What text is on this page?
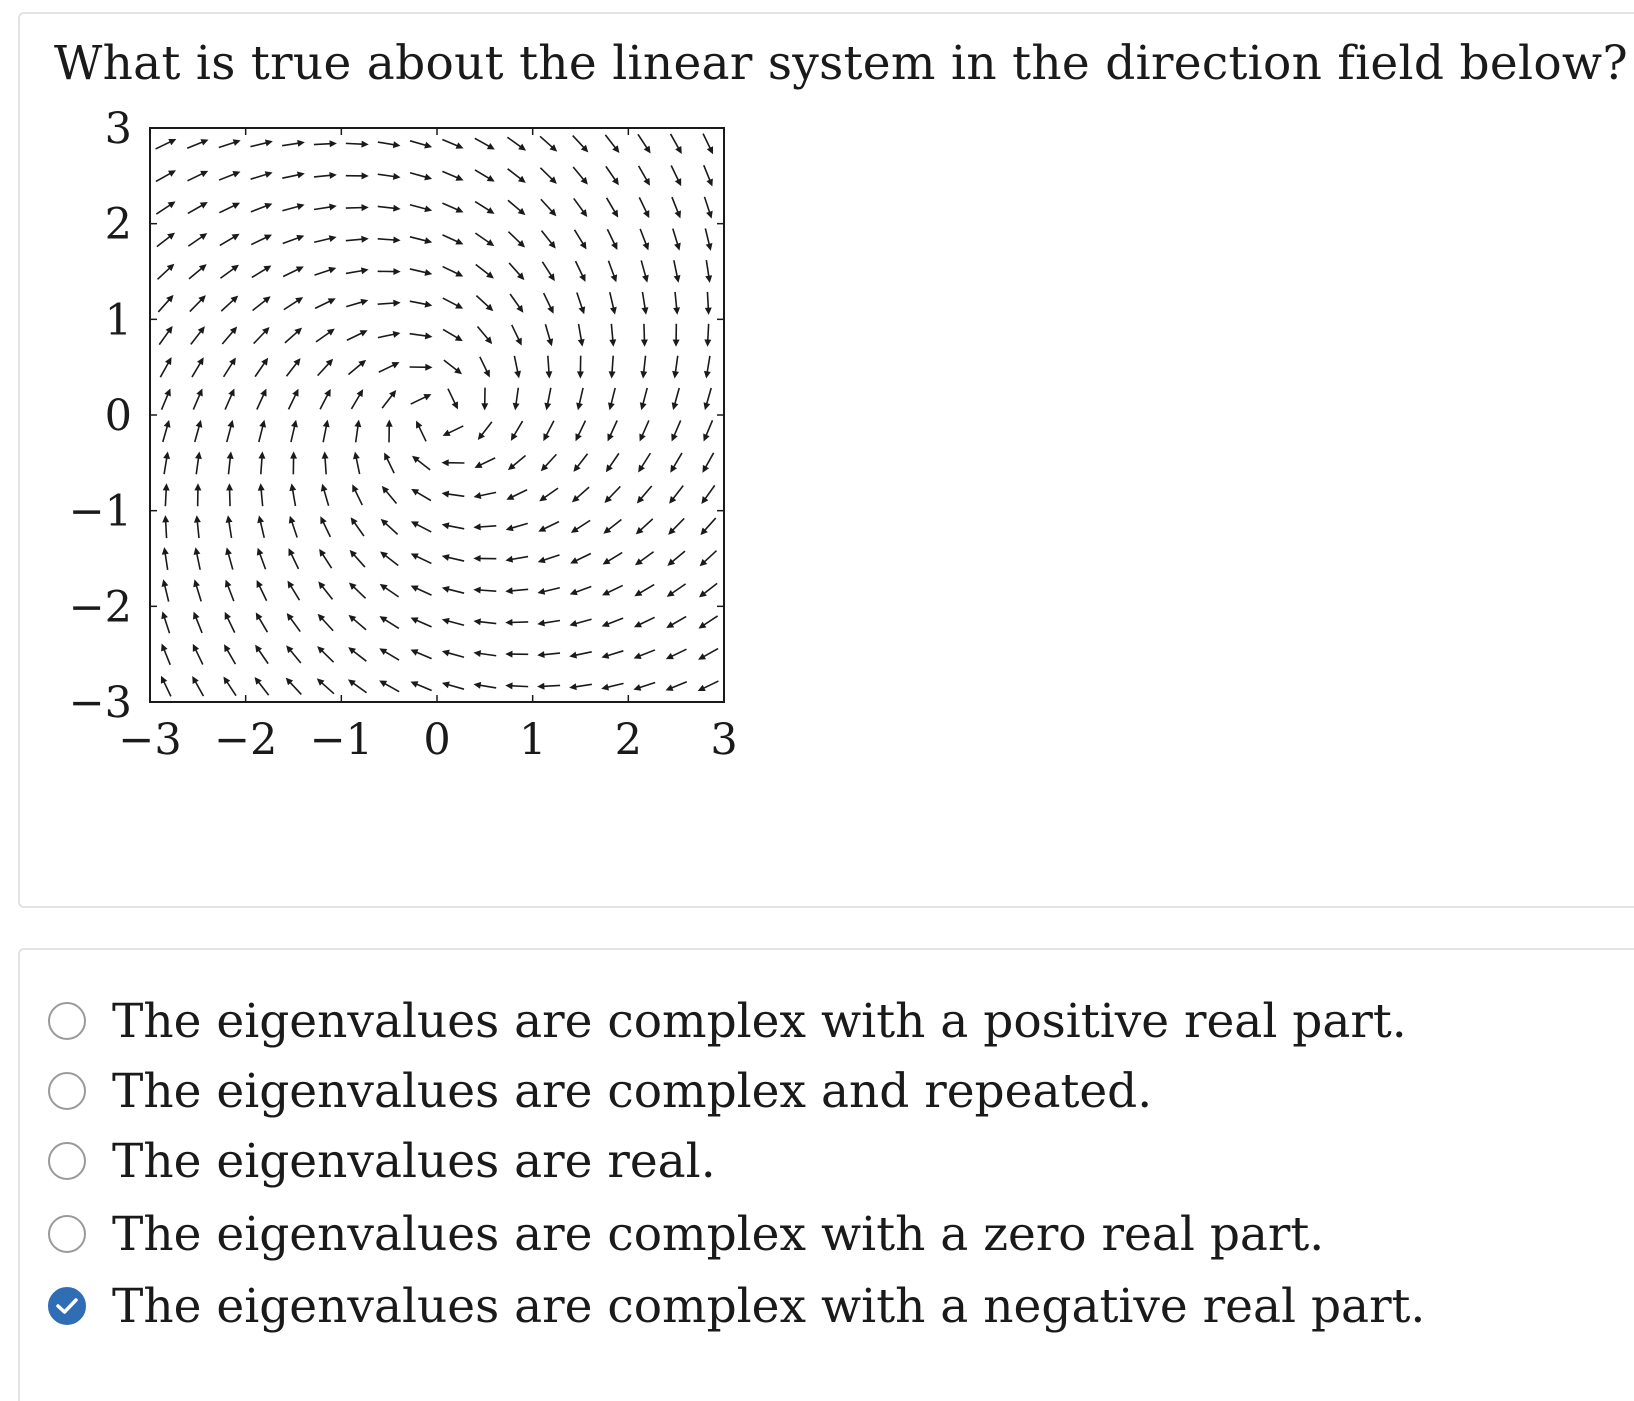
What is true about the linear system in the direction field below?
−3 −2 −1 0 1 2 3
3
2
1
0
−1
−2
−3
The eigenvalues are complex with a positive real part.
The eigenvalues are complex and repeated.
The eigenvalues are real.
The eigenvalues are complex with a zero real part.
The eigenvalues are complex with a negative real part.
